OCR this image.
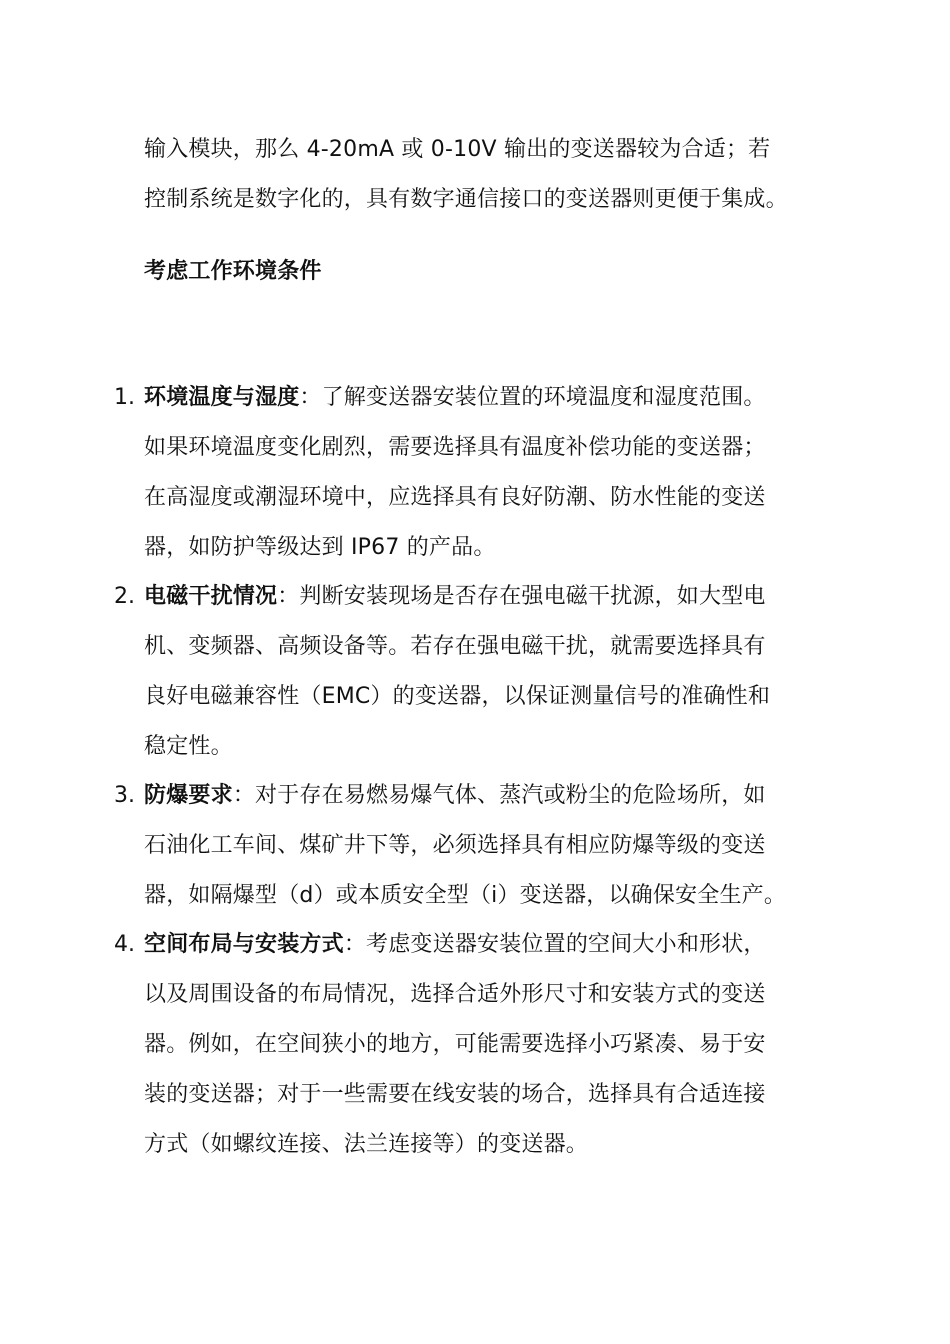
输入模块，那么 4-20mA 或 0-10V 输出的变送器较为合适；若
控制系统是数字化的，具有数字通信接口的变送器则更便于集成。
考虑工作环境条件
1. 环境温度与湿度：了解变送器安装位置的环境温度和湿度范围。
如果环境温度变化剧烈，需要选择具有温度补偿功能的变送器；
在高湿度或潮湿环境中，应选择具有良好防潮、防水性能的变送
器，如防护等级达到 IP67 的产品。
2. 电磁干扰情况：判断安装现场是否存在强电磁干扰源，如大型电
机、变频器、高频设备等。若存在强电磁干扰，就需要选择具有
良好电磁兼容性（EMC）的变送器，以保证测量信号的准确性和
稳定性。
3. 防爆要求：对于存在易燃易爆气体、蒸汽或粉尘的危险场所，如
石油化工车间、煤矿井下等，必须选择具有相应防爆等级的变送
器，如隔爆型（d）或本质安全型（i）变送器，以确保安全生产。
4. 空间布局与安装方式：考虑变送器安装位置的空间大小和形状，
以及周围设备的布局情况，选择合适外形尺寸和安装方式的变送
器。例如，在空间狭小的地方，可能需要选择小巧紧凑、易于安
装的变送器；对于一些需要在线安装的场合，选择具有合适连接
方式（如螺纹连接、法兰连接等）的变送器。
